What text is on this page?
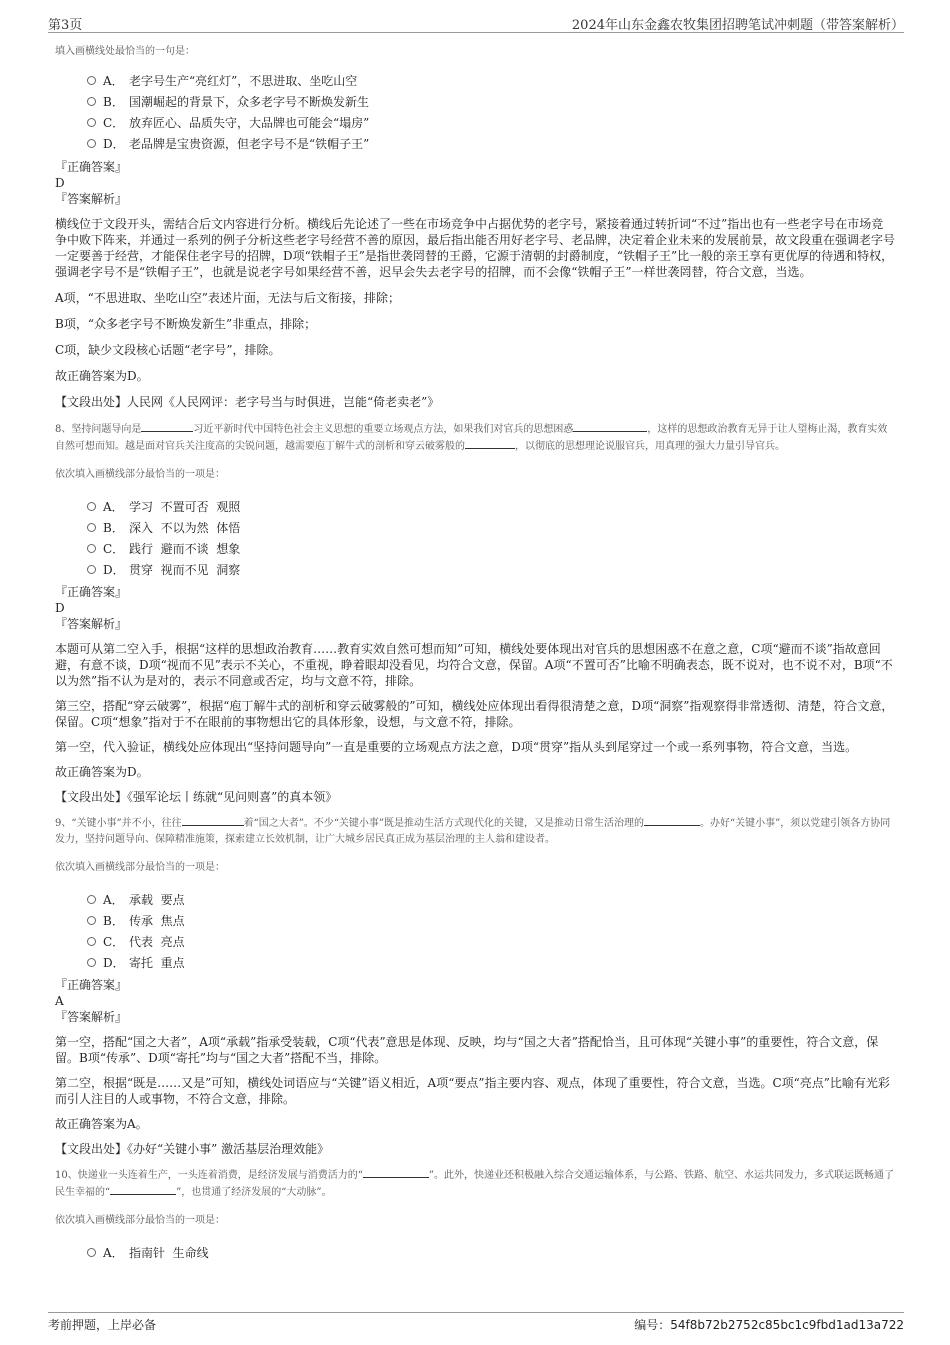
第3页	2024年山东金鑫农牧集团招聘笔试冲刺题（带答案解析）
填入画横线处最恰当的一句是：
A． 老字号生产“亮红灯”，不思进取、坐吃山空
B． 国潮崛起的背景下，众多老字号不断焕发新生
C． 放弃匠心、品质失守，大品牌也可能会“塌房”
D． 老品牌是宝贵资源，但老字号不是“铁帽子王”
『正确答案』
D
『答案解析』

横线位于文段开头，需结合后文内容进行分析。横线后先论述了一些在市场竞争中占据优势的老字号，紧接着通过转折词“不过”指出也有一些老字号在市场竞争中败下阵来，并通过一系列的例子分析这些老字号经营不善的原因，最后指出能否用好老字号、老品牌，决定着企业未来的发展前景，故文段重在强调老字号一定要善于经营，才能保住老字号的招牌，D项“铁帽子王”是指世袭罔替的王爵，它源于清朝的封爵制度，“铁帽子王”比一般的亲王享有更优厚的待遇和特权，强调老字号不是“铁帽子王”，也就是说老字号如果经营不善，迟早会失去老字号的招牌，而不会像“铁帽子王”一样世袭罔替，符合文意，当选。

A项，“不思进取、坐吃山空”表述片面，无法与后文衔接，排除；

B项，“众多老字号不断焕发新生”非重点，排除；

C项，缺少文段核心话题“老字号”，排除。

故正确答案为D。

【文段出处】人民网《人民网评：老字号当与时俱进，岂能“倚老卖老”》

8、坚持问题导向是	习近平新时代中国特色社会主义思想的重要立场观点方法，如果我们对官兵的思想困惑	，这样的思想政治教育无异于让人望梅止渴，教育实效自然可想而知。越是面对官兵关注度高的尖锐问题，越需要庖丁解牛式的剖析和穿云破雾般的	，以彻底的思想理论说服官兵，用真理的强大力量引导官兵。
依次填入画横线部分最恰当的一项是：
A． 学习  不置可否  观照
B． 深入  不以为然  体悟
C． 践行  避而不谈  想象
D． 贯穿  视而不见  洞察
『正确答案』
D
『答案解析』

本题可从第二空入手，根据“这样的思想政治教育……教育实效自然可想而知”可知，横线处要体现出对官兵的思想困惑不在意之意，C项“避而不谈”指故意回避，有意不谈，D项“视而不见”表示不关心，不重视，睁着眼却没看见，均符合文意，保留。A项“不置可否”比喻不明确表态，既不说对，也不说不对，B项“不以为然”指不认为是对的，表示不同意或否定，均与文意不符，排除。

第三空，搭配“穿云破雾”，根据“庖丁解牛式的剖析和穿云破雾般的”可知，横线处应体现出看得很清楚之意，D项“洞察”指观察得非常透彻、清楚，符合文意，保留。C项“想象”指对于不在眼前的事物想出它的具体形象，设想，与文意不符，排除。

第一空，代入验证，横线处应体现出“坚持问题导向”一直是重要的立场观点方法之意，D项“贯穿”指从头到尾穿过一个或一系列事物，符合文意，当选。

故正确答案为D。

【文段出处】《强军论坛丨练就“见问则喜”的真本领》

9、“关键小事”并不小，往往	着“国之大者”。不少“关键小事”既是推动生活方式现代化的关键，又是推动日常生活治理的	。办好“关键小事”，须以党建引领各方协同发力，坚持问题导向、保障精准施策，探索建立长效机制，让广大城乡居民真正成为基层治理的主人翁和建设者。
依次填入画横线部分最恰当的一项是：
A． 承载  要点
B． 传承  焦点
C． 代表  亮点
D． 寄托  重点
『正确答案』
A
『答案解析』

第一空，搭配“国之大者”，A项“承载”指承受装载，C项“代表”意思是体现、反映，均与“国之大者”搭配恰当，且可体现“关键小事”的重要性，符合文意，保留。B项“传承”、D项“寄托”均与“国之大者”搭配不当，排除。

第二空，根据“既是……又是”可知，横线处词语应与“关键”语义相近，A项“要点”指主要内容、观点，体现了重要性，符合文意，当选。C项“亮点”比喻有光彩而引人注目的人或事物，不符合文意，排除。

故正确答案为A。

【文段出处】《办好“关键小事” 激活基层治理效能》

10、快递业一头连着生产，一头连着消费，是经济发展与消费活力的“	”。此外，快递业还积极融入综合交通运输体系，与公路、铁路、航空、水运共同发力，多式联运既畅通了民生幸福的“	”，也贯通了经济发展的“大动脉”。
依次填入画横线部分最恰当的一项是：
A． 指南针  生命线
考前押题，上岸必备	编号：54f8b72b2752c85bc1c9fbd1ad13a722
